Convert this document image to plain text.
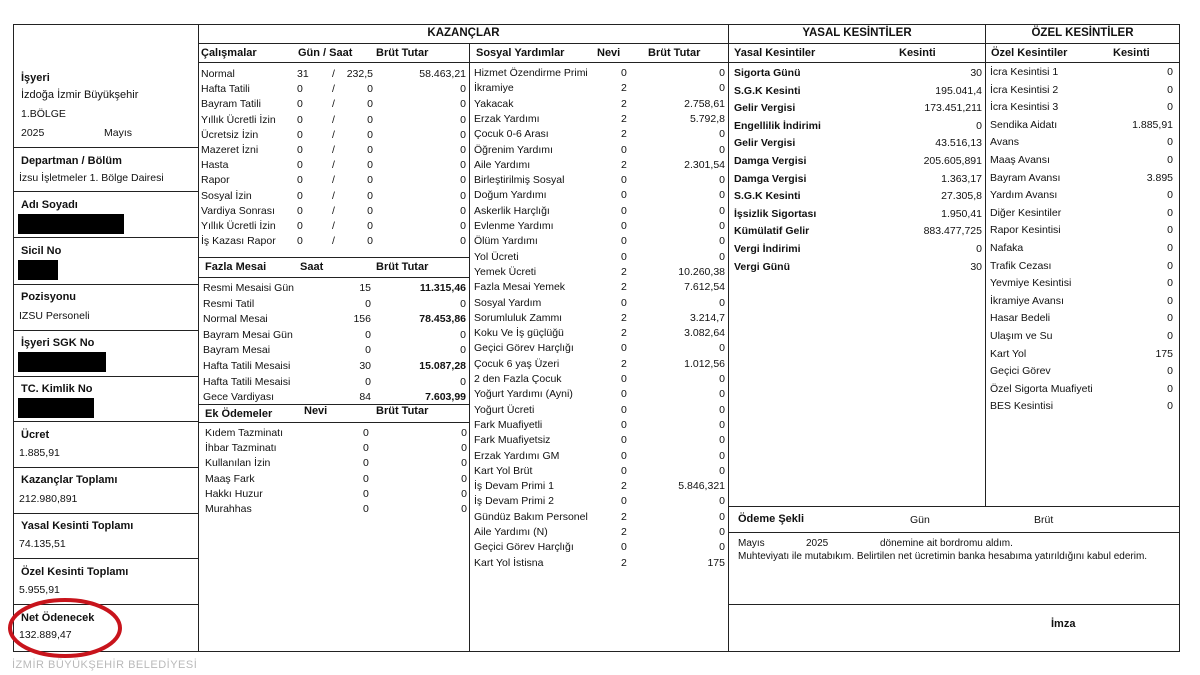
İşyeri
İzdoğa İzmir Büyükşehir
1.BÖLGE
2025	Mayıs
Departman / Bölüm
İzsu İşletmeler 1. Bölge Dairesi
Adı Soyadı
Sicil No
Pozisyonu
IZSU Personeli
İşyeri SGK No
TC. Kimlik No
Ücret
1.885,91
Kazançlar Toplamı
212.980,891
Yasal Kesinti Toplamı
74.135,51
Özel Kesinti Toplamı
5.955,91
Net Ödenecek
132.889,47
İZMİR BÜYÜKŞEHİR BELEDİYESİ
KAZANÇLAR
Çalışmalar	Gün / Saat Brüt Tutar
Normal	31 /	232,5	58.463,21
Hafta Tatili	0	/	0	0
Bayram Tatili	0	/	0	0
Yıllık Ücretli İzin 0	/	0	0
Ücretsiz İzin	0	/	0	0
Mazeret İzni	0	/	0	0
Hasta	0	/	0	0
Rapor	0	/	0	0
Sosyal İzin	0	/	0	0
Vardiya Sonrası 0	/	0	0
Yıllık Ücretli İzin 0	/	0	0
İş Kazası Rapor 0	/	0	0
Fazla Mesai	Saat	Brüt Tutar
Resmi Mesaisi Gün	15	11.315,46
Resmi Tatil	0	0
Normal Mesai	156	78.453,86
Bayram Mesai Gün	0	0
Bayram Mesai	0	0
Hafta Tatili Mesaisi	30	15.087,28
Hafta Tatili Mesaisi	0	0
Gece Vardiyası	84	7.603,99
Ek Ödemeler	Nevi	Brüt Tutar
Kıdem Tazminatı	0	0
İhbar Tazminatı	0	0
Kullanılan İzin	0	0
Maaş Fark	0	0
Hakkı Huzur	0	0
Murahhas	0	0
Sosyal Yardımlar	Nevi	Brüt Tutar
Hizmet Özendirme Primi	0	0
İkramiye	2	0
Yakacak	2	2.758,61
Erzak Yardımı	2	5.792,8
Çocuk 0-6 Arası	2	0
Öğrenim Yardımı	0	0
Aile Yardımı	2	2.301,54
Birleştirilmiş Sosyal	0	0
Doğum Yardımı	0	0
Askerlik Harçlığı	0	0
Evlenme Yardımı	0	0
Ölüm Yardımı	0	0
Yol Ücreti	0	0
Yemek Ücreti	2	10.260,38
Fazla Mesai Yemek	2	7.612,54
Sosyal Yardım	0	0
Sorumluluk Zammı	2	3.214,7
Koku Ve İş güçlüğü	2	3.082,64
Geçici Görev Harçlığı	0	0
Çocuk 6 yaş Üzeri	2	1.012,56
2 den Fazla Çocuk	0	0
Yoğurt Yardımı (Ayni)	0	0
Yoğurt Ücreti	0	0
Fark Muafiyetli	0	0
Fark Muafiyetsiz	0	0
Erzak Yardımı GM	0	0
Kart Yol Brüt	0	0
İş Devam Primi 1	2	5.846,321
İş Devam Primi 2	0	0
Gündüz Bakım Personel	2	0
Aile Yardımı (N)	2	0
Geçici Görev Harçlığı	0	0
Kart Yol İstisna	2	175
YASAL KESİNTİLER
Yasal Kesintiler	Kesinti
Sigorta Günü	30
S.G.K Kesinti	195.041,4
Gelir Vergisi	173.451,211
Engellilik İndirimi	0
Gelir Vergisi	43.516,13
Damga Vergisi	205.605,891
Damga Vergisi	1.363,17
S.G.K Kesinti	27.305,8
İşsizlik Sigortası	1.950,41
Kümülatif Gelir	883.477,725
Vergi İndirimi	0
Vergi Günü	30
ÖZEL KESİNTİLER
Özel Kesintiler	Kesinti
İcra Kesintisi 1	0
İcra Kesintisi 2	0
İcra Kesintisi 3	0
Sendika Aidatı	1.885,91
Avans	0
Maaş Avansı	0
Bayram Avansı	3.895
Yardım Avansı	0
Diğer Kesintiler	0
Rapor Kesintisi	0
Nafaka	0
Trafik Cezası	0
Yevmiye Kesintisi	0
İkramiye Avansı	0
Hasar Bedeli	0
Ulaşım ve Su	0
Kart Yol	175
Geçici Görev	0
Özel Sigorta Muafiyeti	0
BES Kesintisi	0
Ödeme Şekli	Gün	Brüt
Mayıs	2025	dönemine ait bordromu aldım.
Muhteviyatı ile mutabıkım. Belirtilen net ücretimin banka hesabıma yatırıldığını kabul ederim.
İmza
